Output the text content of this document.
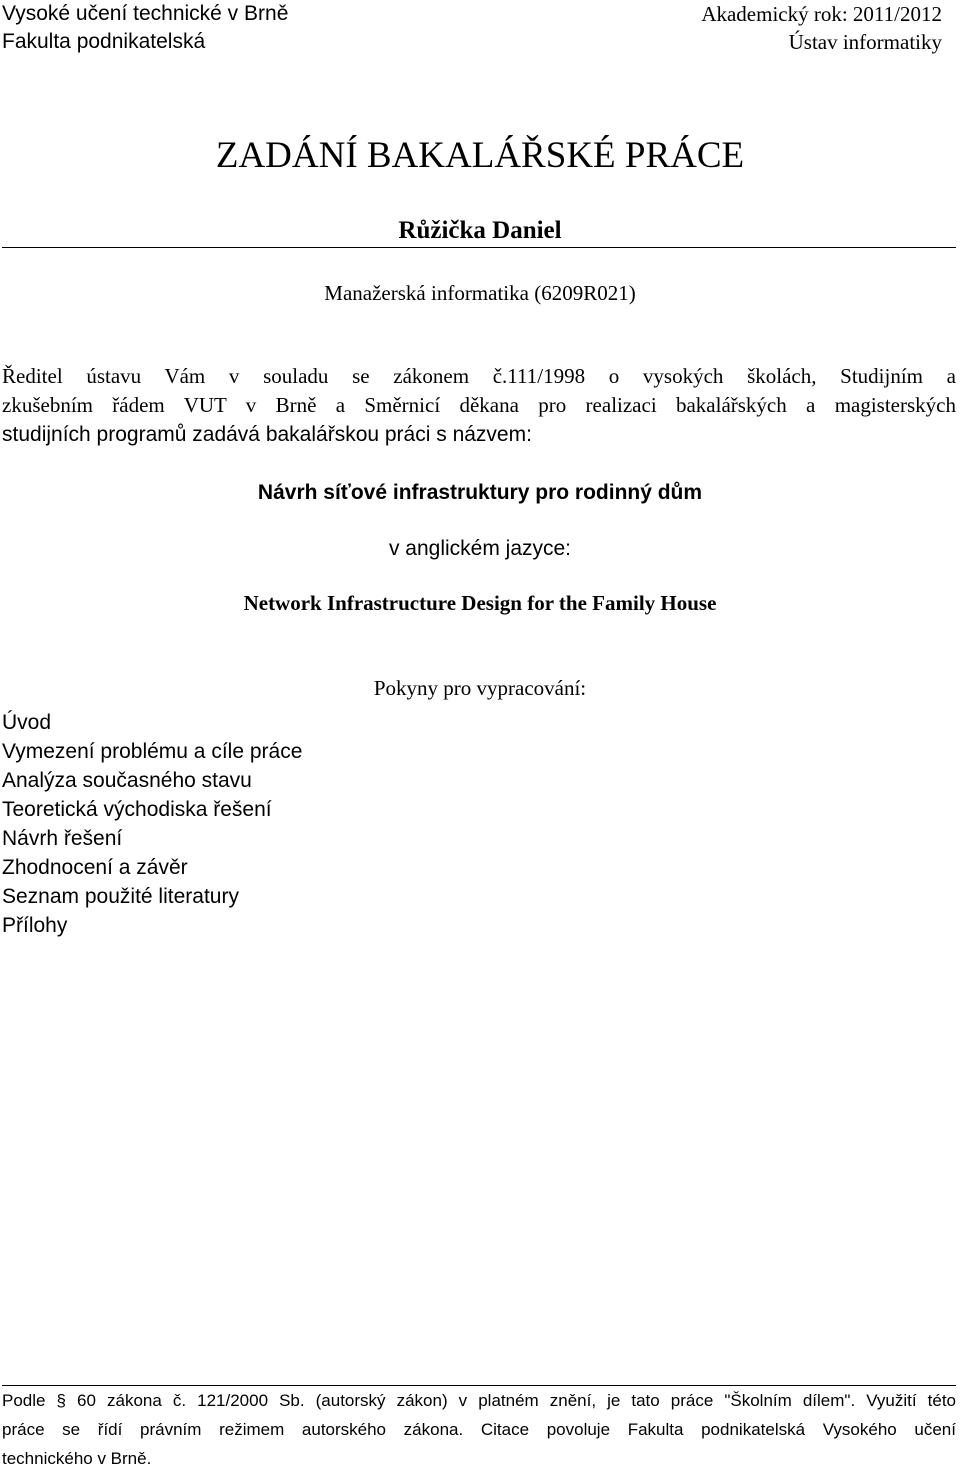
Vysoké učení technické v Brně
Fakulta podnikatelská
Akademický rok: 2011/2012
Ústav informatiky
ZADÁNÍ BAKALÁŘSKÉ PRÁCE
Růžička Daniel
Manažerská informatika (6209R021)
Ředitel ústavu Vám v souladu se zákonem č.111/1998 o vysokých školách, Studijním a
zkušebním řádem VUT v Brně a Směrnicí děkana pro realizaci bakalářských a magisterských
studijních programů zadává bakalářskou práci s názvem:
Návrh síťové infrastruktury pro rodinný dům
v anglickém jazyce:
Network Infrastructure Design for the Family House
Pokyny pro vypracování:
Úvod
Vymezení problému a cíle práce
Analýza současného stavu
Teoretická východiska řešení
Návrh řešení
Zhodnocení a závěr
Seznam použité literatury
Přílohy
Podle § 60 zákona č. 121/2000 Sb. (autorský zákon) v platném znění, je tato práce "Školním dílem". Využití této
práce se řídí právním režimem autorského zákona. Citace povoluje Fakulta podnikatelská Vysokého učení
technického v Brně.
